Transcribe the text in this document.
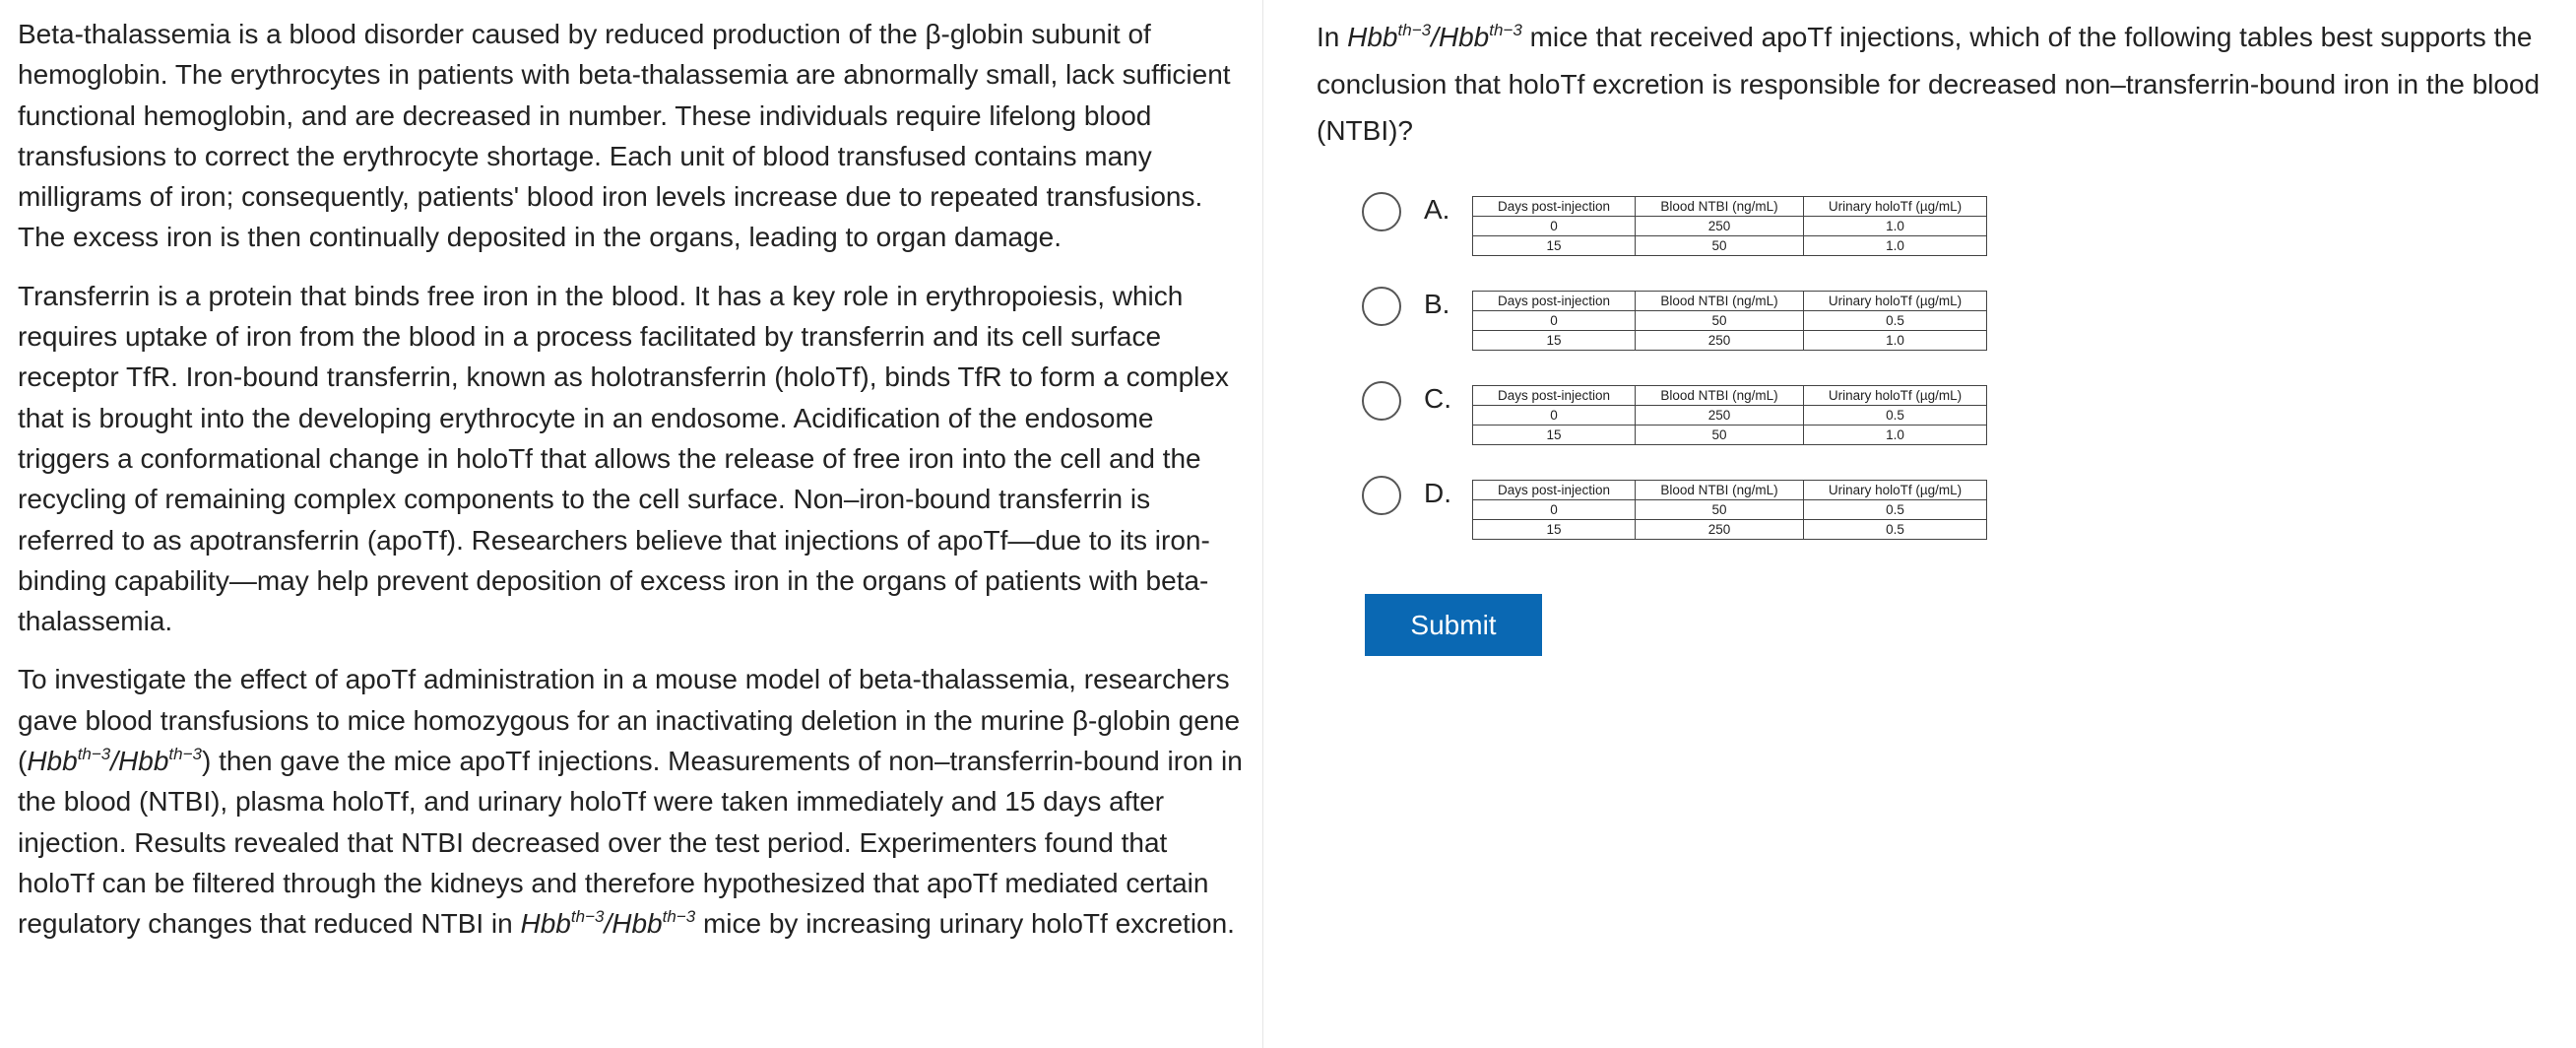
Beta-thalassemia is a blood disorder caused by reduced production of the β-globin subunit of hemoglobin. The erythrocytes in patients with beta-thalassemia are abnormally small, lack sufficient functional hemoglobin, and are decreased in number. These individuals require lifelong blood transfusions to correct the erythrocyte shortage. Each unit of blood transfused contains many milligrams of iron; consequently, patients' blood iron levels increase due to repeated transfusions. The excess iron is then continually deposited in the organs, leading to organ damage.

Transferrin is a protein that binds free iron in the blood. It has a key role in erythropoiesis, which requires uptake of iron from the blood in a process facilitated by transferrin and its cell surface receptor TfR. Iron-bound transferrin, known as holotransferrin (holoTf), binds TfR to form a complex that is brought into the developing erythrocyte in an endosome. Acidification of the endosome triggers a conformational change in holoTf that allows the release of free iron into the cell and the recycling of remaining complex components to the cell surface. Non–iron-bound transferrin is referred to as apotransferrin (apoTf). Researchers believe that injections of apoTf—due to its iron-binding capability—may help prevent deposition of excess iron in the organs of patients with beta-thalassemia.

To investigate the effect of apoTf administration in a mouse model of beta-thalassemia, researchers gave blood transfusions to mice homozygous for an inactivating deletion in the murine β-globin gene (Hbb$^{th-3}$/Hbb$^{th-3}$) then gave the mice apoTf injections. Measurements of non–transferrin-bound iron in the blood (NTBI), plasma holoTf, and urinary holoTf were taken immediately and 15 days after injection. Results revealed that NTBI decreased over the test period. Experimenters found that holoTf can be filtered through the kidneys and therefore hypothesized that apoTf mediated certain regulatory changes that reduced NTBI in Hbb$^{th-3}$/Hbb$^{th-3}$ mice by increasing urinary holoTf excretion.

In Hbb$^{th-3}$/Hbb$^{th-3}$ mice that received apoTf injections, which of the following tables best supports the conclusion that holoTf excretion is responsible for decreased non–transferrin-bound iron in the blood (NTBI)?

A.	Days post-injection	Blood NTBI (ng/mL)	Urinary holoTf (µg/mL)
0	250	1.0
15	50	1.0
B.	Days post-injection	Blood NTBI (ng/mL)	Urinary holoTf (µg/mL)
0	50	0.5
15	250	1.0
C.	Days post-injection	Blood NTBI (ng/mL)	Urinary holoTf (µg/mL)
0	250	0.5
15	50	1.0
D.	Days post-injection	Blood NTBI (ng/mL)	Urinary holoTf (µg/mL)
0	50	0.5
15	250	0.5
Submit
